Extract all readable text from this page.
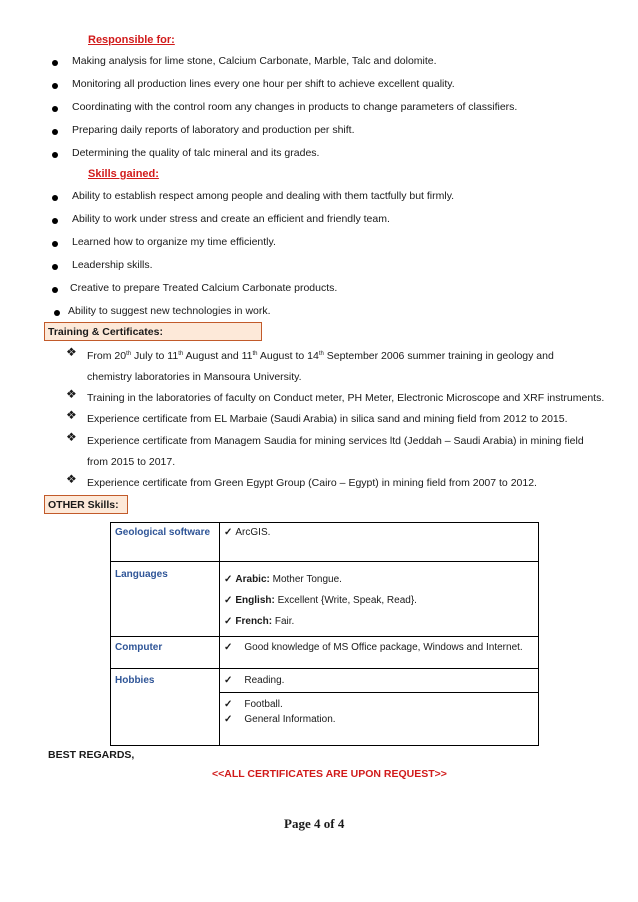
Responsible for:
Making analysis for lime stone, Calcium Carbonate, Marble, Talc and dolomite.
Monitoring all production lines every one hour per shift to achieve excellent quality.
Coordinating with the control room any changes in products to change parameters of classifiers.
Preparing daily reports of laboratory and production per shift.
Determining the quality of talc mineral and its grades.
Skills gained:
Ability to establish respect among people and dealing with them tactfully but firmly.
Ability to work under stress and create an efficient and friendly team.
Learned how to organize my time efficiently.
Leadership skills.
Creative to prepare Treated Calcium Carbonate products.
Ability to suggest new technologies in work.
Training & Certificates:
❖ From 20th July to 11th August and 11th August to 14th September 2006 summer training in geology and
chemistry laboratories in Mansoura University.
❖ Training in the laboratories of faculty on Conduct meter, PH Meter, Electronic Microscope and XRF instruments.
❖ Experience certificate from EL Marbaie (Saudi Arabia) in silica sand and mining field from 2012 to 2015.
❖ Experience certificate from Managem Saudia for mining services ltd (Jeddah – Saudi Arabia) in mining field
from 2015 to 2017.
❖ Experience certificate from Green Egypt Group (Cairo – Egypt) in mining field from 2007 to 2012.
OTHER Skills:
Geological software	✓ ArcGIS.
Languages	✓ Arabic: Mother Tongue.
✓ English: Excellent {Write, Speak, Read}.
✓ French: Fair.

Computer	✓ Good knowledge of MS Office package, Windows and Internet.
Hobbies	✓ Reading.
✓ Football.
✓ General Information.
BEST REGARDS,
<<ALL CERTIFICATES ARE UPON REQUEST>>
Page 4 of 4
